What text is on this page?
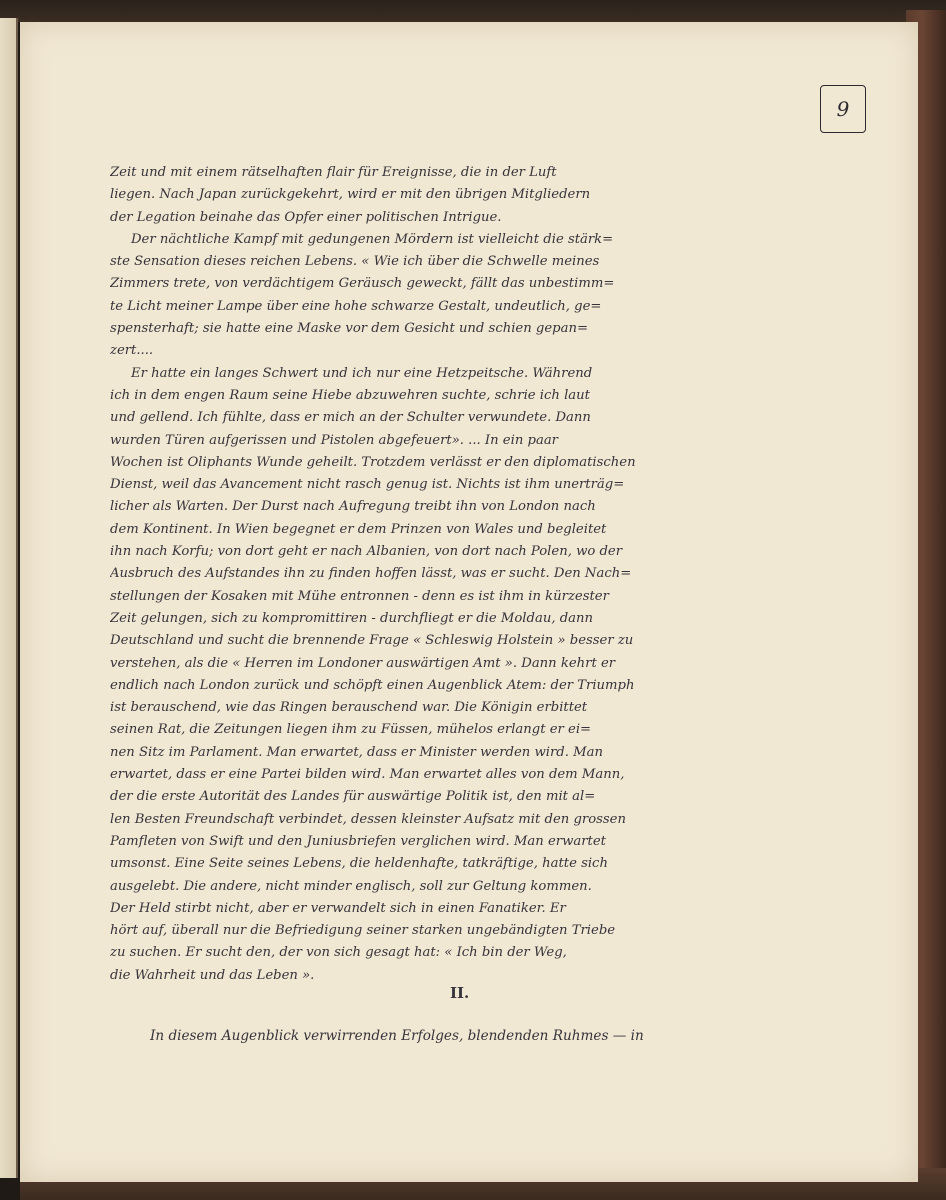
9
Zeit und mit einem rätselhaften flair für Ereignisse, die in der Luft
liegen. Nach Japan zurückgekehrt, wird er mit den übrigen Mitgliedern
der Legation beinahe das Opfer einer politischen Intrigue.
Der nächtliche Kampf mit gedungenen Mördern ist vielleicht die stärk=
ste Sensation dieses reichen Lebens. « Wie ich über die Schwelle meines
Zimmers trete, von verdächtigem Geräusch geweckt, fällt das unbestimm=
te Licht meiner Lampe über eine hohe schwarze Gestalt, undeutlich, ge=
spensterhaft; sie hatte eine Maske vor dem Gesicht und schien gepan=
zert....
Er hatte ein langes Schwert und ich nur eine Hetzpeitsche. Während
ich in dem engen Raum seine Hiebe abzuwehren suchte, schrie ich laut
und gellend. Ich fühlte, dass er mich an der Schulter verwundete. Dann
wurden Türen aufgerissen und Pistolen abgefeuert». ... In ein paar
Wochen ist Oliphants Wunde geheilt. Trotzdem verlässt er den diplomatischen
Dienst, weil das Avancement nicht rasch genug ist. Nichts ist ihm unerträg=
licher als Warten. Der Durst nach Aufregung treibt ihn von London nach
dem Kontinent. In Wien begegnet er dem Prinzen von Wales und begleitet
ihn nach Korfu; von dort geht er nach Albanien, von dort nach Polen, wo der
Ausbruch des Aufstandes ihn zu finden hoffen lässt, was er sucht. Den Nach=
stellungen der Kosaken mit Mühe entronnen - denn es ist ihm in kürzester
Zeit gelungen, sich zu kompromittiren - durchfliegt er die Moldau, dann
Deutschland und sucht die brennende Frage « Schleswig Holstein » besser zu
verstehen, als die « Herren im Londoner auswärtigen Amt ». Dann kehrt er
endlich nach London zurück und schöpft einen Augenblick Atem: der Triumph
ist berauschend, wie das Ringen berauschend war. Die Königin erbittet
seinen Rat, die Zeitungen liegen ihm zu Füssen, mühelos erlangt er ei=
nen Sitz im Parlament. Man erwartet, dass er Minister werden wird. Man
erwartet, dass er eine Partei bilden wird. Man erwartet alles von dem Mann,
der die erste Autorität des Landes für auswärtige Politik ist, den mit al=
len Besten Freundschaft verbindet, dessen kleinster Aufsatz mit den grossen
Pamfleten von Swift und den Juniusbriefen verglichen wird. Man erwartet
umsonst. Eine Seite seines Lebens, die heldenhafte, tatkräftige, hatte sich
ausgelebt. Die andere, nicht minder englisch, soll zur Geltung kommen.
Der Held stirbt nicht, aber er verwandelt sich in einen Fanatiker. Er
hört auf, überall nur die Befriedigung seiner starken ungebändigten Triebe
zu suchen. Er sucht den, der von sich gesagt hat: « Ich bin der Weg,
die Wahrheit und das Leben ».
II.
In diesem Augenblick verwirrenden Erfolges, blendenden Ruhmes — in
